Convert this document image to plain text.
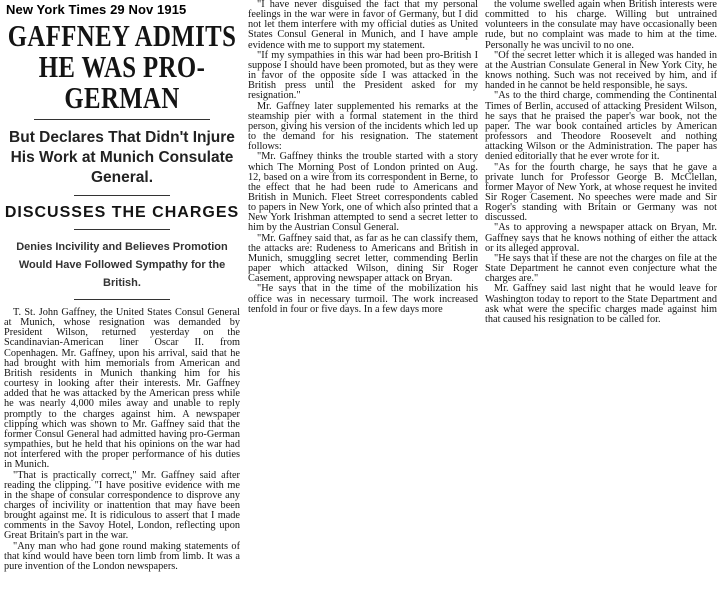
New York Times 29 Nov 1915
GAFFNEY ADMITS
HE WAS PRO-GERMAN
But Declares That Didn't Injure His Work at Munich Consulate General.
DISCUSSES THE CHARGES
Denies Incivility and Believes Promotion Would Have Followed Sympathy for the British.

T. St. John Gaffney, the United States Consul General at Munich, whose resignation was demanded by President Wilson, returned yesterday on the Scandinavian-American liner Oscar II. from Copenhagen. Mr. Gaffney, upon his arrival, said that he had brought with him memorials from American and British residents in Munich thanking him for his courtesy in looking after their interests. Mr. Gaffney added that he was attacked by the American press while he was nearly 4,000 miles away and unable to reply promptly to the charges against him. A newspaper clipping which was shown to Mr. Gaffney said that the former Consul General had admitted having pro-German sympathies, but he held that his opinions on the war had not interfered with the proper performance of his duties in Munich.

"That is practically correct," Mr. Gaffney said after reading the clipping. "I have positive evidence with me in the shape of consular correspondence to disprove any charges of incivility or inattention that may have been brought against me. It is ridiculous to assert that I made comments in the Savoy Hotel, London, reflecting upon Great Britain's part in the war.

"Any man who had gone round making statements of that kind would have been torn limb from limb. It was a pure invention of the London newspapers.

"I have never disguised the fact that my personal feelings in the war were in favor of Germany, but I did not let them interfere with my official duties as United States Consul General in Munich, and I have ample evidence with me to support my statement.

"If my sympathies in this war had been pro-British I suppose I should have been promoted, but as they were in favor of the opposite side I was attacked in the British press until the President asked for my resignation."

Mr. Gaffney later supplemented his remarks at the steamship pier with a formal statement in the third person, giving his version of the incidents which led up to the demand for his resignation. The statement follows:

"Mr. Gaffney thinks the trouble started with a story which The Morning Post of London printed on Aug. 12, based on a wire from its correspondent in Berne, to the effect that he had been rude to Americans and British in Munich. Fleet Street correspondents cabled to papers in New York, one of which also printed that a New York Irishman attempted to send a secret letter to him by the Austrian Consul General.

"Mr. Gaffney said that, as far as he can classify them, the attacks are: Rudeness to Americans and British in Munich, smuggling secret letter, commending Berlin paper which attacked Wilson, dining Sir Roger Casement, approving newspaper attack on Bryan.

"He says that in the time of the mobilization his office was in necessary turmoil. The work increased tenfold in four or five days. In a few days more

the volume swelled again when British interests were committed to his charge. Willing but untrained volunteers in the consulate may have occasionally been rude, but no complaint was made to him at the time. Personally he was uncivil to no one.

"Of the secret letter which it is alleged was handed in at the Austrian Consulate General in New York City, he knows nothing. Such was not received by him, and if handed in he cannot be held responsible, he says.

"As to the third charge, commending the Continental Times of Berlin, accused of attacking President Wilson, he says that he praised the paper's war book, not the paper. The war book contained articles by American professors and Theodore Roosevelt and nothing attacking Wilson or the Administration. The paper has denied editorially that he ever wrote for it.

"As for the fourth charge, he says that he gave a private lunch for Professor George B. McClellan, former Mayor of New York, at whose request he invited Sir Roger Casement. No speeches were made and Sir Roger's standing with Britain or Germany was not discussed.

"As to approving a newspaper attack on Bryan, Mr. Gaffney says that he knows nothing of either the attack or its alleged approval.

"He says that if these are not the charges on file at the State Department he cannot even conjecture what the charges are."

Mr. Gaffney said last night that he would leave for Washington today to report to the State Department and ask what were the specific charges made against him that caused his resignation to be called for.
